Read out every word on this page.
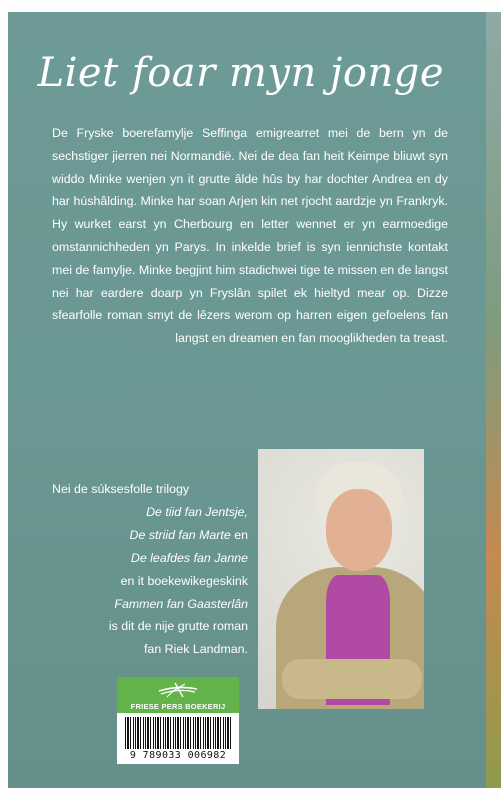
Liet foar myn jonge

De Fryske boerefamylje Seffinga emigrearret mei de bern yn de sechstiger jierren nei Normandië. Nei de dea fan heit Keimpe bliuwt syn widdo Minke wenjen yn it grutte âlde hûs by har dochter Andrea en dy har húshâlding. Minke har soan Arjen kin net rjocht aardzje yn Frankryk. Hy wurket earst yn Cherbourg en letter wennet er yn earmoedige omstannichheden yn Parys. In inkelde brief is syn iennichste kontakt mei de famylje. Minke begjint him stadichwei tige te missen en de langst nei har eardere doarp yn Fryslân spilet ek hieltyd mear op. Dizze sfearfolle roman smyt de lêzers werom op harren eigen gefoelens fan langst en dreamen en fan mooglikheden ta treast.

Nei de súksesfolle trilogy
De tiid fan Jentsje,
De striid fan Marte en
De leafdes fan Janne
en it boekewikegeskink
Fammen fan Gaasterlân
is dit de nije grutte roman
fan Riek Landman.

FRIESE PERS BOEKERIJ
9 789033 006982
